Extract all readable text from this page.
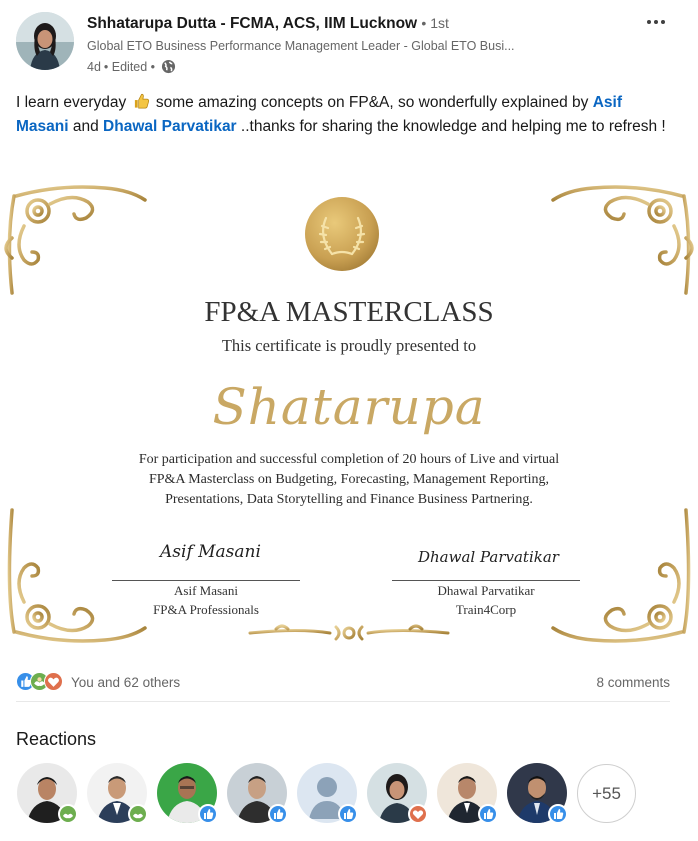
Shhatarupa Dutta - FCMA, ACS, IIM Lucknow • 1st
Global ETO Business Performance Management Leader - Global ETO Busi...
4d • Edited •
I learn everyday  some amazing concepts on FP&A, so wonderfully explained by Asif Masani and Dhawal Parvatikar ..thanks for sharing the knowledge and helping me to refresh !
FP&A MASTERCLASS
This certificate is proudly presented to
Shatarupa
For participation and successful completion of 20 hours of Live and virtual
FP&A Masterclass on Budgeting, Forecasting, Management Reporting,
Presentations, Data Storytelling and Finance Business Partnering.
Asif Masani	Dhawal Parvatikar
Asif Masani
FP&A Professionals
Dhawal Parvatikar
Train4Corp
You and 62 others	8 comments
Reactions
+55
